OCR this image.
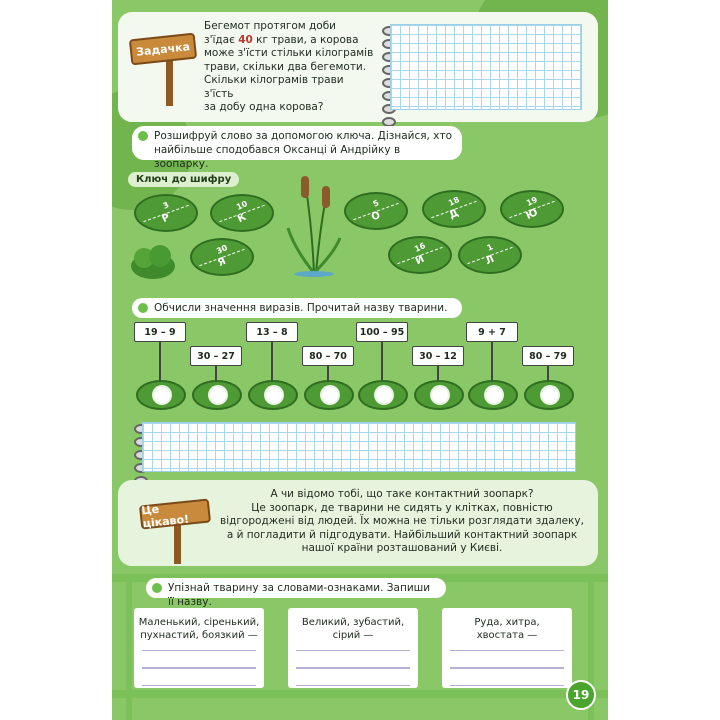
Задачка
Бегемот протягом доби
з'їдає 40 кг трави, а корова
може з'їсти стільки кілограмів
трави, скільки два бегемоти.
Скільки кілограмів трави з'їсть
за добу одна корова?
Розшифруй слово за допомогою ключа. Дізнайся, хто найбільше сподобався Оксанці й Андрійку в зоопарку.
Ключ до шифру
3
Р
10
К
5
О
18
Д
19
Ю
30
Я
16
И
1
Л
Обчисли значення виразів. Прочитай назву тварини.
19 – 9
30 – 27
13 – 8
80 – 70
100 – 95
30 – 12
9 + 7
80 – 79
Це цікаво!
А чи відомо тобі, що таке контактний зоопарк?
Це зоопарк, де тварини не сидять у клітках, повністю
відгороджені від людей. Їх можна не тільки розглядати здалеку,
а й погладити й підгодувати. Найбільший контактний зоопарк
нашої країни розташований у Києві.
Упізнай тварину за словами-ознаками. Запиши її назву.
Маленький, сіренький,
пухнастий, боязкий —
Великий, зубастий,
сірий —
Руда, хитра,
хвостата —
19
